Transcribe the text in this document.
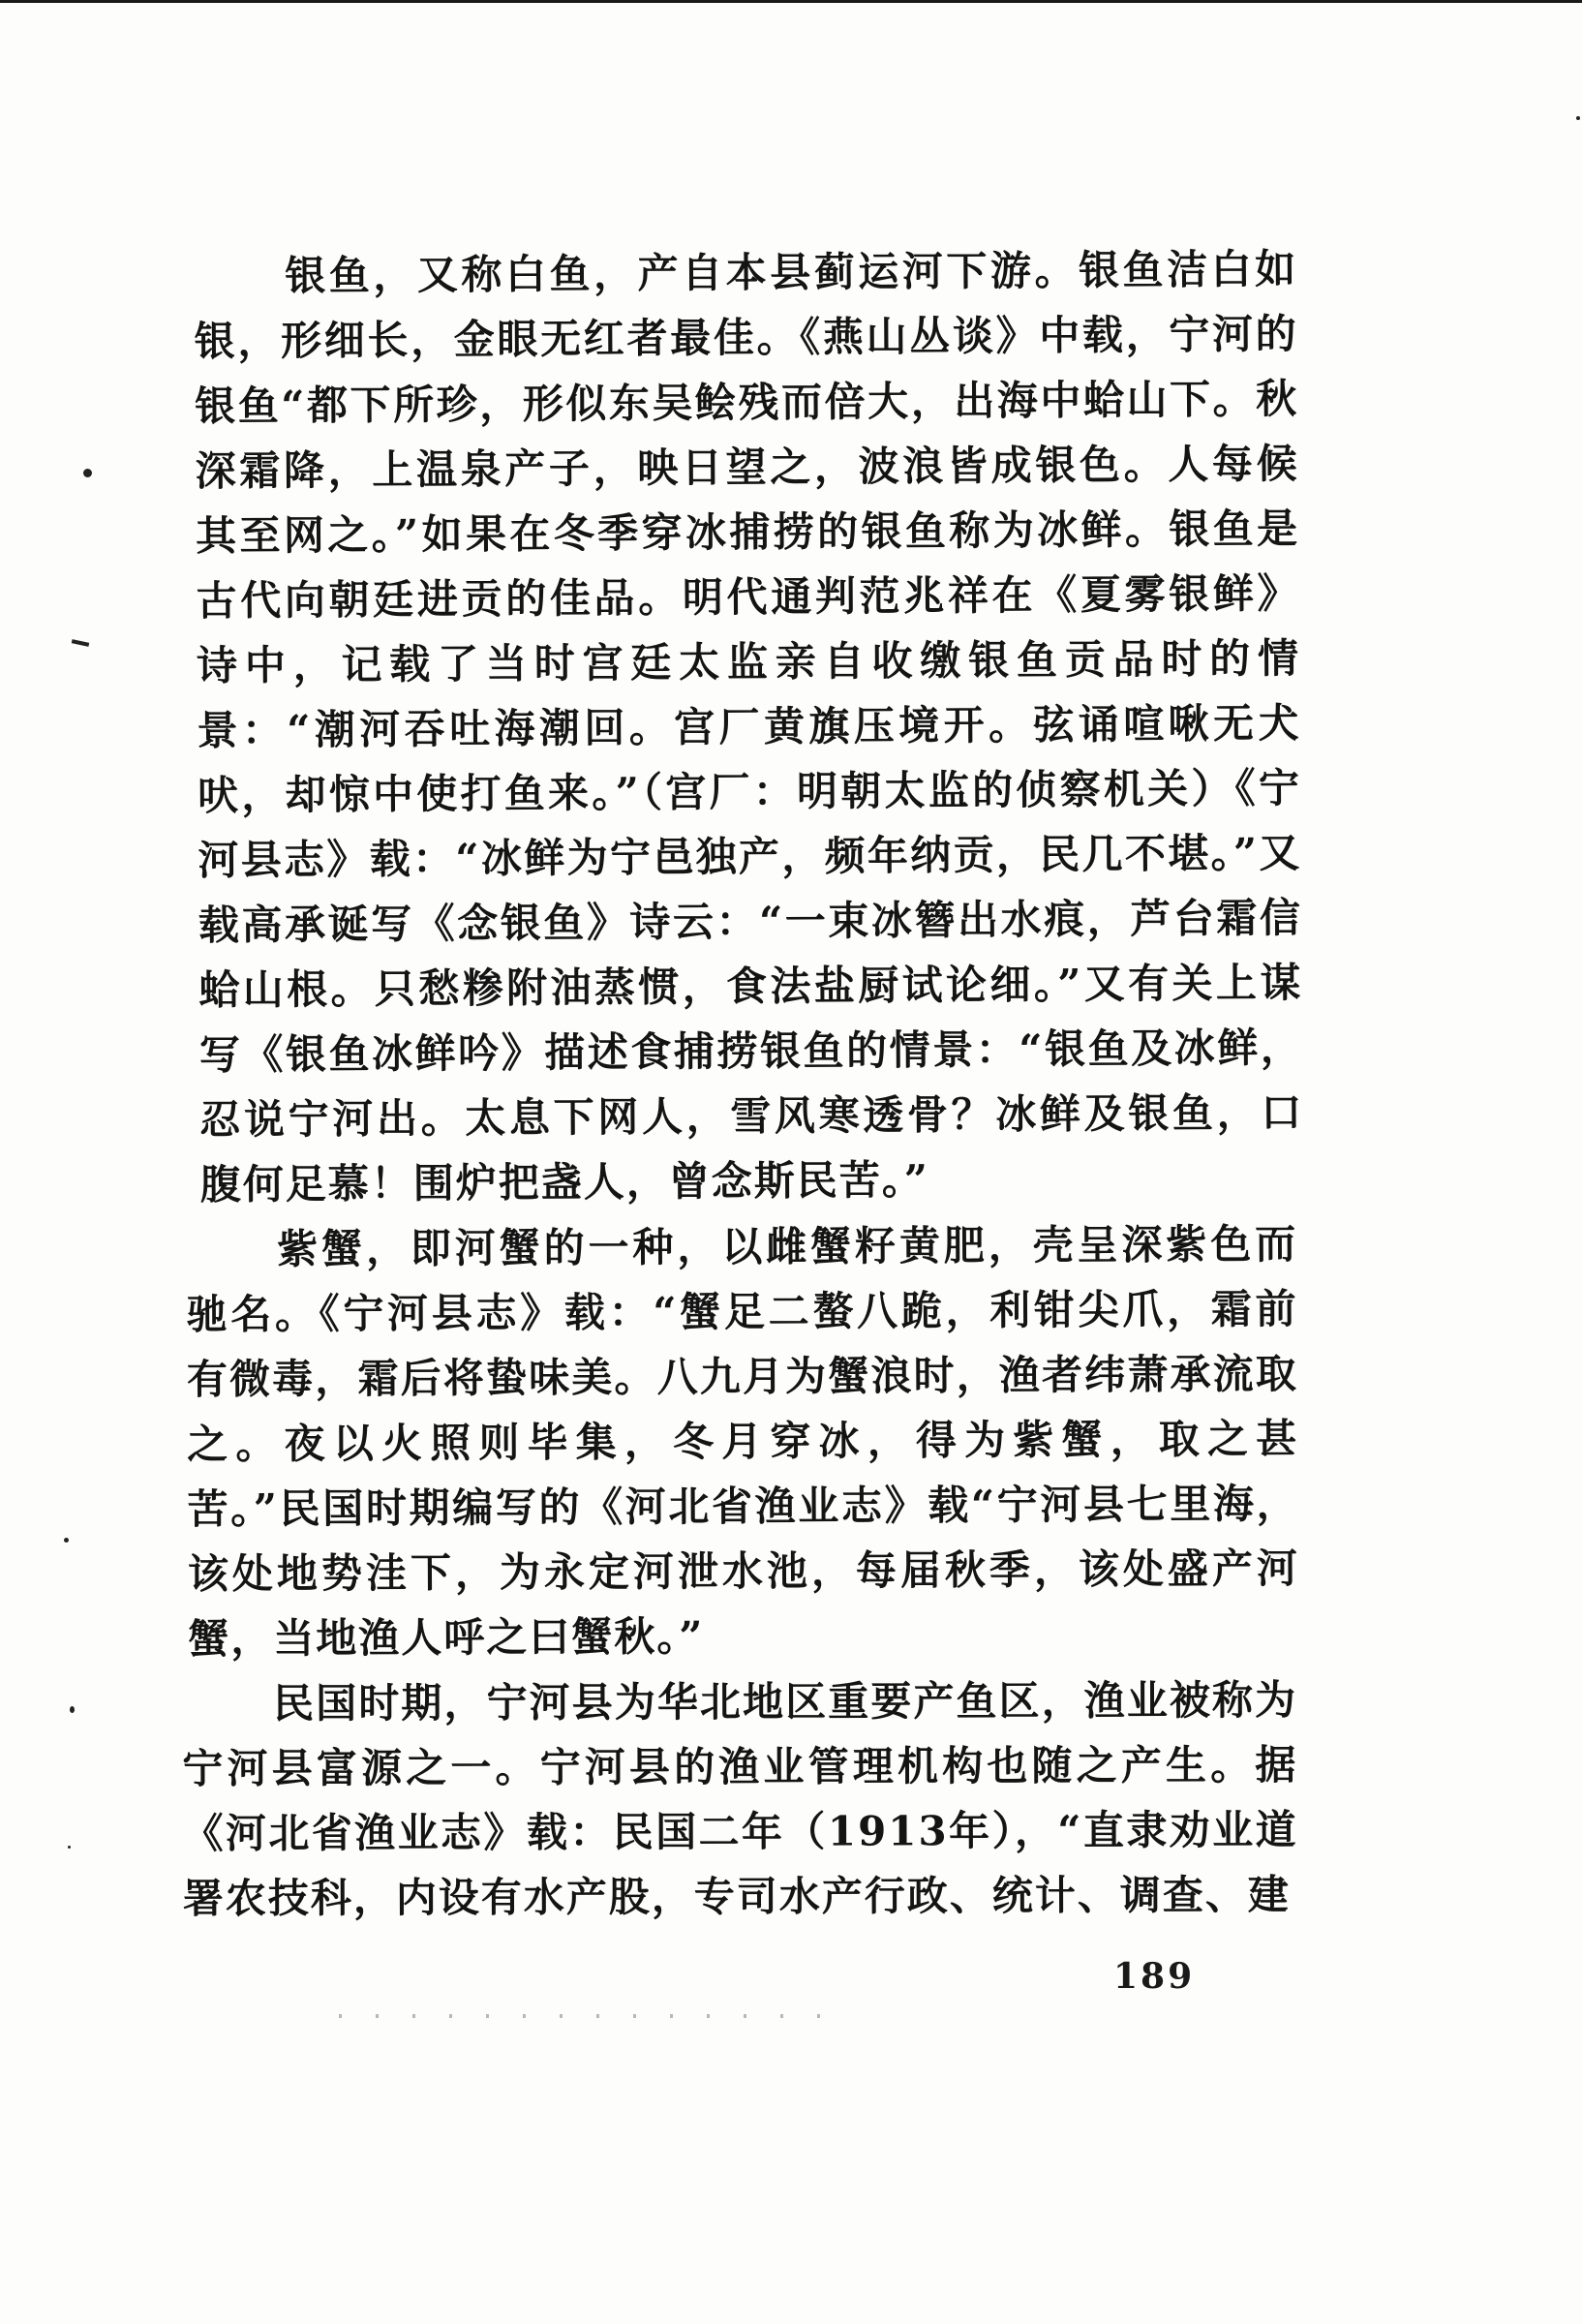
银鱼，又称白鱼，产自本县蓟运河下游。银鱼洁白如银，形细长，金眼无红者最佳。《燕山丛谈》中载，宁河的银鱼“都下所珍，形似东吴鲙残而倍大，出海中蛤山下。秋深霜降，上温泉产子，映日望之，波浪皆成银色。人每候其至网之。”如果在冬季穿冰捕捞的银鱼称为冰鲜。银鱼是古代向朝廷进贡的佳品。明代通判范兆祥在《夏雾银鲜》诗中，记载了当时宫廷太监亲自收缴银鱼贡品时的情景：“潮河吞吐海潮回。宫厂黄旗压境开。弦诵喧啾无犬吠，却惊中使打鱼来。”（宫厂：明朝太监的侦察机关）《宁河县志》载：“冰鲜为宁邑独产，频年纳贡，民几不堪。”又载高承诞写《念银鱼》诗云：“一束冰簪出水痕，芦台霜信蛤山根。只愁糁附油蒸惯，食法盐厨试论细。”又有关上谋写《银鱼冰鲜吟》描述食捕捞银鱼的情景：“银鱼及冰鲜，忍说宁河出。太息下网人，雪风寒透骨？冰鲜及银鱼，口腹何足慕！围炉把盏人，曾念斯民苦。”

紫蟹，即河蟹的一种，以雌蟹籽黄肥，壳呈深紫色而驰名。《宁河县志》载：“蟹足二螯八跪，利钳尖爪，霜前有微毒，霜后将蛰味美。八九月为蟹浪时，渔者纬萧承流取之。夜以火照则毕集，冬月穿冰，得为紫蟹，取之甚苦。”民国时期编写的《河北省渔业志》载“宁河县七里海，该处地势洼下，为永定河泄水池，每届秋季，该处盛产河蟹，当地渔人呼之曰蟹秋。”

民国时期，宁河县为华北地区重要产鱼区，渔业被称为宁河县富源之一。宁河县的渔业管理机构也随之产生。据《河北省渔业志》载：民国二年（1913年），“直隶劝业道署农技科，内设有水产股，专司水产行政、统计、调查、建

189
